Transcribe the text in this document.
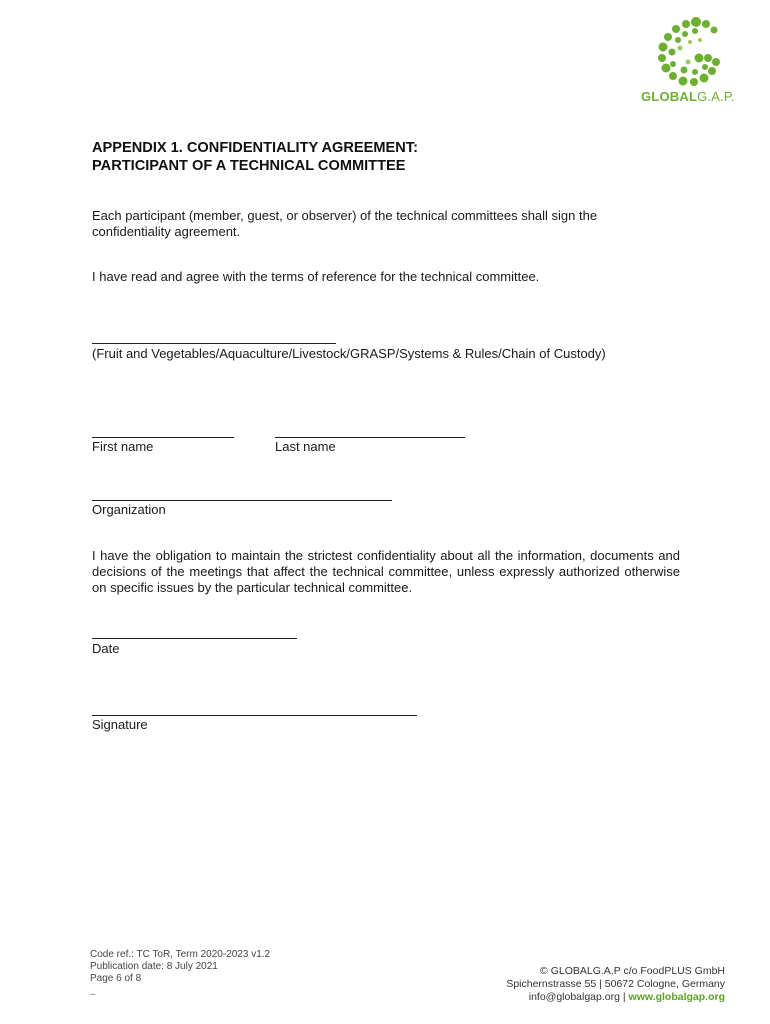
GLOBALG.A.P.
APPENDIX 1. CONFIDENTIALITY AGREEMENT:
PARTICIPANT OF A TECHNICAL COMMITTEE
Each participant (member, guest, or observer) of the technical committees shall sign the confidentiality agreement.
I have read and agree with the terms of reference for the technical committee.
(Fruit and Vegetables/Aquaculture/Livestock/GRASP/Systems & Rules/Chain of Custody)
First name	Last name
Organization
I have the obligation to maintain the strictest confidentiality about all the information, documents and decisions of the meetings that affect the technical committee, unless expressly authorized otherwise on specific issues by the particular technical committee.
Date
Signature
Code ref.: TC ToR, Term 2020-2023 v1.2
Publication date: 8 July 2021
Page 6 of 8
–
© GLOBALG.A.P c/o FoodPLUS GmbH
Spichernstrasse 55 | 50672 Cologne, Germany
info@globalgap.org | www.globalgap.org
